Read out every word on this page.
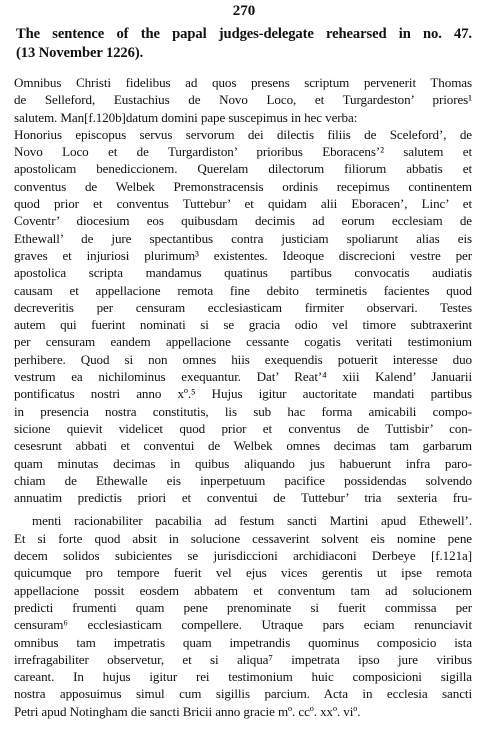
270
The sentence of the papal judges-delegate rehearsed in no. 47.
(13 November 1226).
Omnibus Christi fidelibus ad quos presens scriptum pervenerit Thomas
de Selleford, Eustachius de Novo Loco, et Turgardeston’ priores¹
salutem. Man[f.120b]datum domini pape suscepimus in hec verba:
Honorius episcopus servus servorum dei dilectis filiis de Sceleford’, de
Novo Loco et de Turgardiston’ prioribus Eboracens’² salutem et
apostolicam benediccionem. Querelam dilectorum filiorum abbatis et
conventus de Welbek Premonstracensis ordinis recepimus continentem
quod prior et conventus Tuttebur’ et quidam alii Eboracen’, Linc’ et
Coventr’ diocesium eos quibusdam decimis ad eorum ecclesiam de
Ethewall’ de jure spectantibus contra justiciam spoliarunt alias eis
graves et injuriosi plurimum³ existentes. Ideoque discrecioni vestre per
apostolica scripta mandamus quatinus partibus convocatis audiatis
causam et appellacione remota fine debito terminetis facientes quod
decreveritis per censuram ecclesiasticam firmiter observari. Testes
autem qui fuerint nominati si se gracia odio vel timore subtraxerint
per censuram eandem appellacione cessante cogatis veritati testimonium
perhibere. Quod si non omnes hiis exequendis potuerit interesse duo
vestrum ea nichilominus exequantur. Dat’ Reat’⁴ xiii Kalend’ Januarii
pontificatus nostri anno xº.⁵ Hujus igitur auctoritate mandati partibus
in presencia nostra constitutis, lis sub hac forma amicabili compo-
sicione quievit videlicet quod prior et conventus de Tuttisbir’ con-
cesesrunt abbati et conventui de Welbek omnes decimas tam garbarum
quam minutas decimas in quibus aliquando jus habuerunt infra paro-
chiam de Ethewalle eis inperpetuum pacifice possidendas solvendo
annuatim predictis priori et conventui de Tuttebur’ tria sexteria fru-
menti racionabiliter pacabilia ad festum sancti Martini apud Ethewell’.
Et si forte quod absit in solucione cessaverint solvent eis nomine pene
decem solidos subicientes se jurisdiccioni archidiaconi Derbeye [f.121a]
quicumque pro tempore fuerit vel ejus vices gerentis ut ipse remota
appellacione possit eosdem abbatem et conventum tam ad solucionem
predicti frumenti quam pene prenominate si fuerit commissa per
censuram⁶ ecclesiasticam compellere. Utraque pars eciam renunciavit
omnibus tam impetratis quam impetrandis quominus composicio ista
irrefragabiliter observetur, et si aliqua⁷ impetrata ipso jure viribus
careant. In hujus igitur rei testimonium huic composicioni sigilla
nostra apposuimus simul cum sigillis parcium. Acta in ecclesia sancti
Petri apud Notingham die sancti Bricii anno gracie mº. ccº. xxº. viº.
